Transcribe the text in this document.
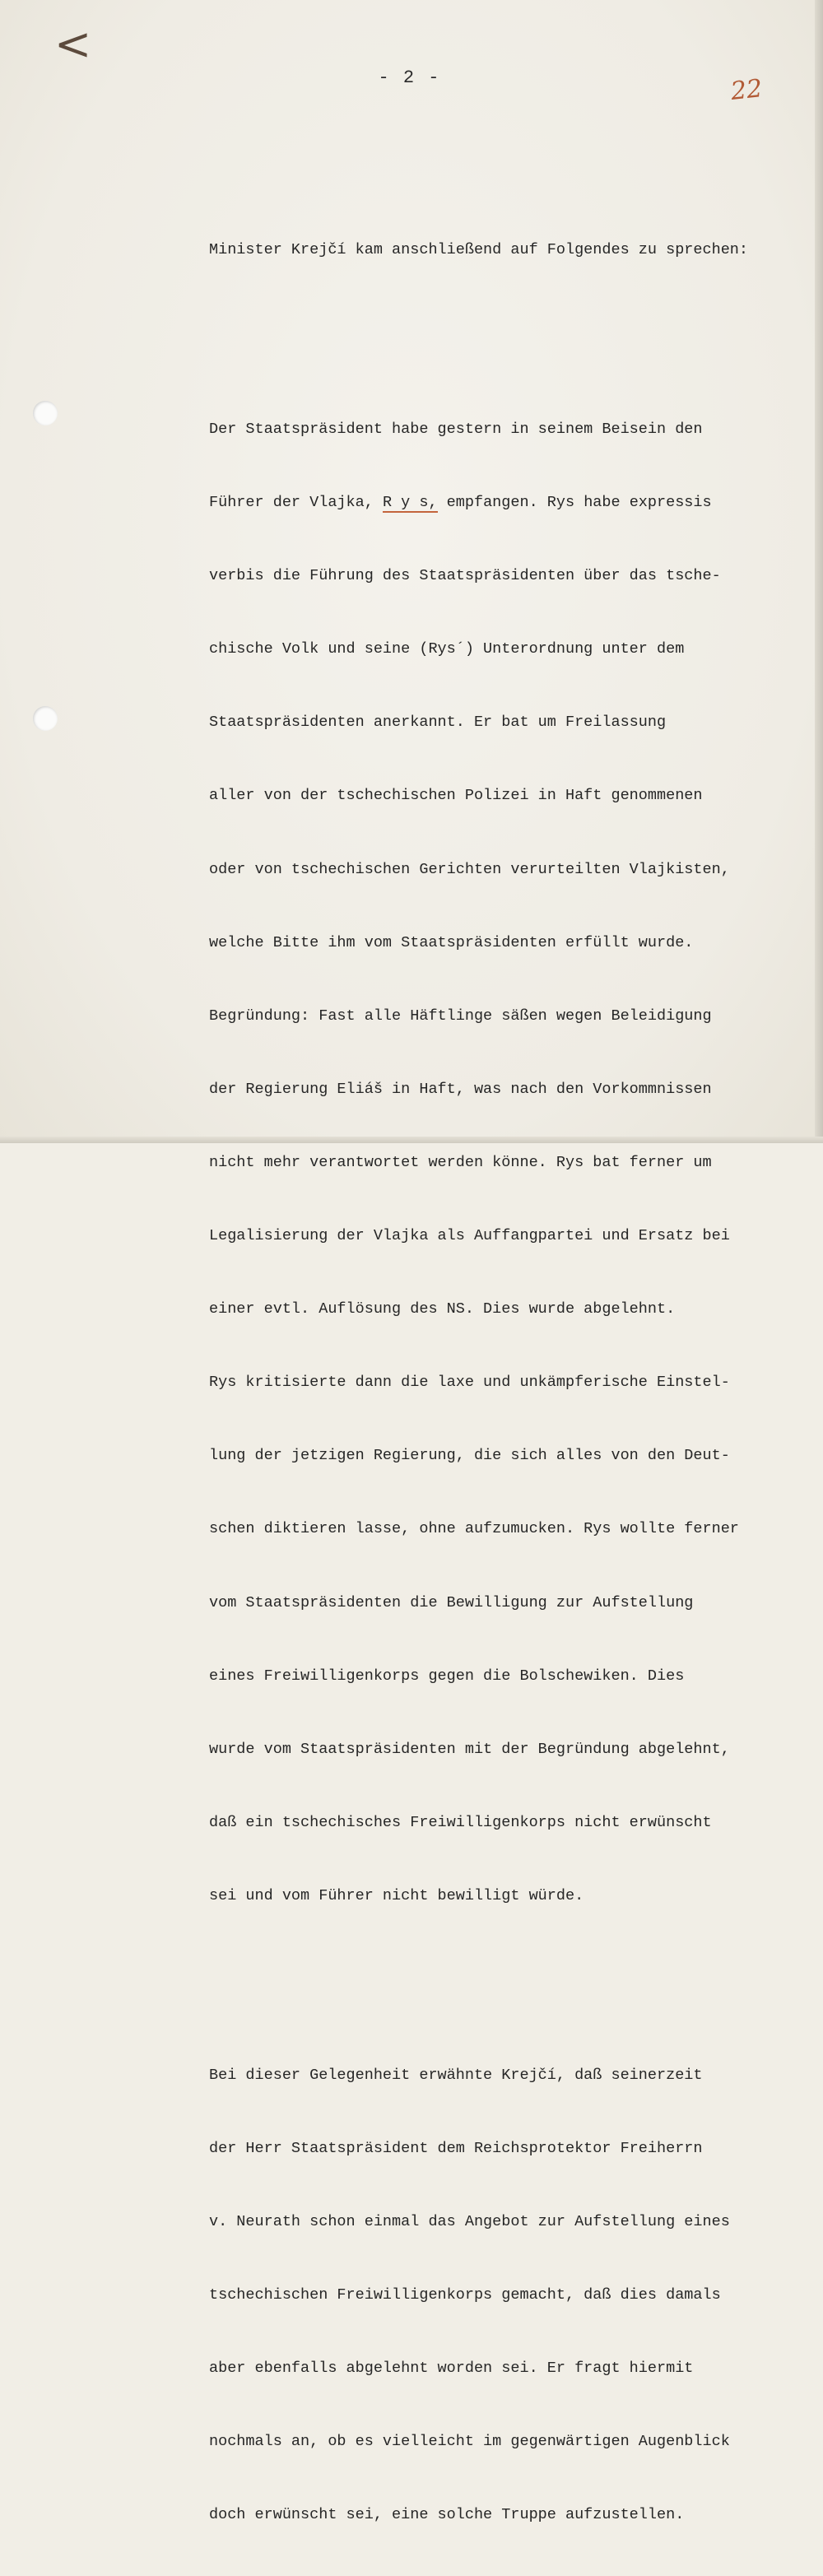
<
- 2 -	22

Minister Krejčí kam anschließend auf Folgendes zu sprechen:

Der Staatspräsident habe gestern in seinem Beisein den

Führer der Vlajka, R y s, empfangen. Rys habe expressis

verbis die Führung des Staatspräsidenten über das tsche-

chische Volk und seine (Rys´) Unterordnung unter dem

Staatspräsidenten anerkannt. Er bat um Freilassung

aller von der tschechischen Polizei in Haft genommenen

oder von tschechischen Gerichten verurteilten Vlajkisten,

welche Bitte ihm vom Staatspräsidenten erfüllt wurde.

Begründung: Fast alle Häftlinge säßen wegen Beleidigung

der Regierung Eliáš in Haft, was nach den Vorkommnissen

nicht mehr verantwortet werden könne. Rys bat ferner um

Legalisierung der Vlajka als Auffangpartei und Ersatz bei

einer evtl. Auflösung des NS. Dies wurde abgelehnt.

Rys kritisierte dann die laxe und unkämpferische Einstel-

lung der jetzigen Regierung, die sich alles von den Deut-

schen diktieren lasse, ohne aufzumucken. Rys wollte ferner

vom Staatspräsidenten die Bewilligung zur Aufstellung

eines Freiwilligenkorps gegen die Bolschewiken. Dies

wurde vom Staatspräsidenten mit der Begründung abgelehnt,

daß ein tschechisches Freiwilligenkorps nicht erwünscht

sei und vom Führer nicht bewilligt würde.

Bei dieser Gelegenheit erwähnte Krejčí, daß seinerzeit

der Herr Staatspräsident dem Reichsprotektor Freiherrn

v. Neurath schon einmal das Angebot zur Aufstellung eines

tschechischen Freiwilligenkorps gemacht, daß dies damals

aber ebenfalls abgelehnt worden sei. Er fragt hiermit

nochmals an, ob es vielleicht im gegenwärtigen Augenblick

doch erwünscht sei, eine solche Truppe aufzustellen.
